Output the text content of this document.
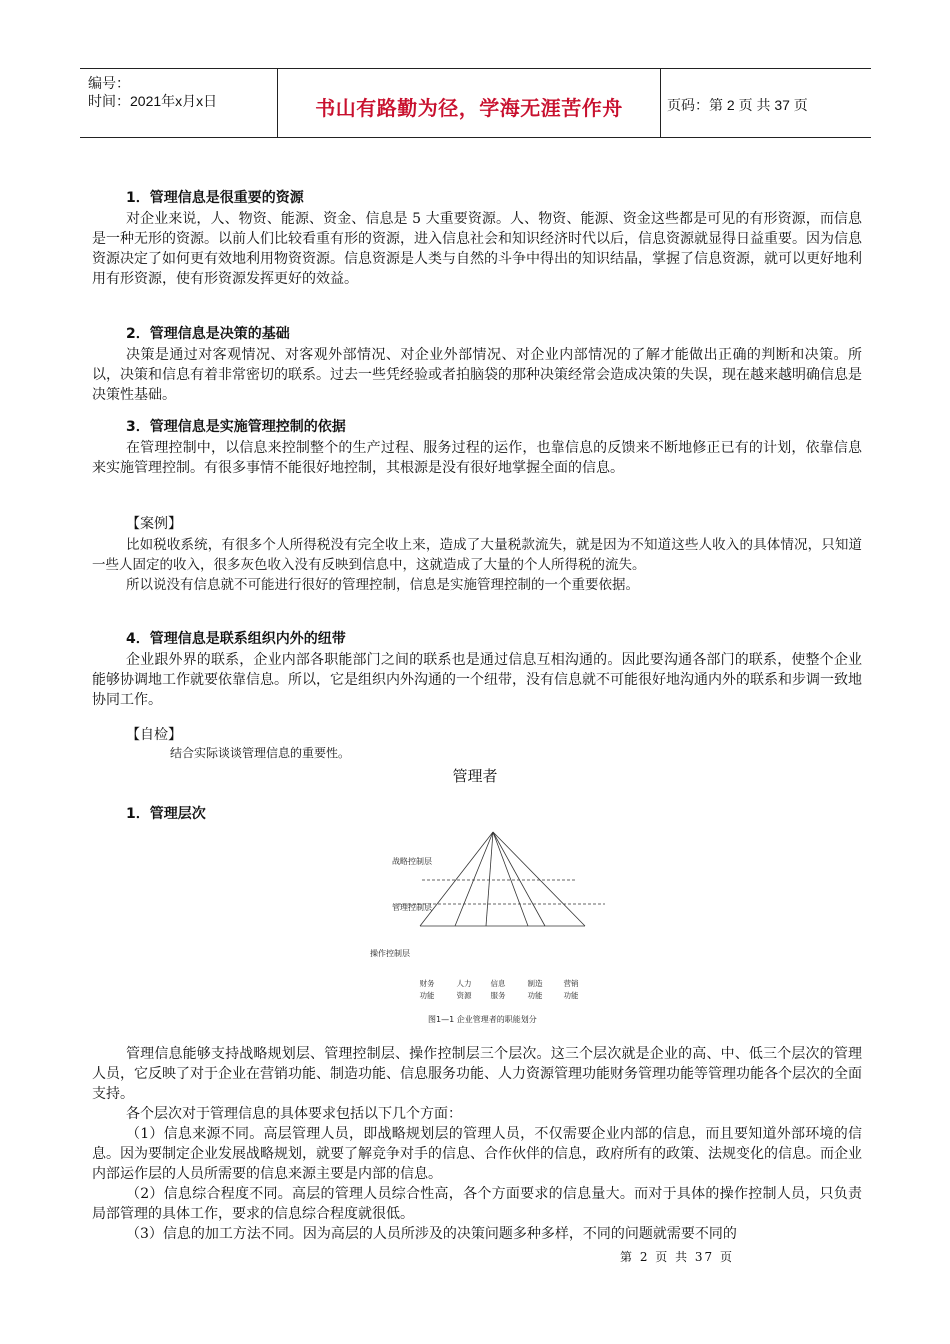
编号：
时间：2021年x月x日	书山有路勤为径，学海无涯苦作舟	页码：第 2 页 共 37 页
1．管理信息是很重要的资源

对企业来说，人、物资、能源、资金、信息是 5 大重要资源。人、物资、能源、资金这些都是可见的有形资源，而信息是一种无形的资源。以前人们比较看重有形的资源，进入信息社会和知识经济时代以后，信息资源就显得日益重要。因为信息资源决定了如何更有效地利用物资资源。信息资源是人类与自然的斗争中得出的知识结晶，掌握了信息资源，就可以更好地利用有形资源，使有形资源发挥更好的效益。

2．管理信息是决策的基础

决策是通过对客观情况、对客观外部情况、对企业外部情况、对企业内部情况的了解才能做出正确的判断和决策。所以，决策和信息有着非常密切的联系。过去一些凭经验或者拍脑袋的那种决策经常会造成决策的失误，现在越来越明确信息是决策性基础。

3．管理信息是实施管理控制的依据

在管理控制中，以信息来控制整个的生产过程、服务过程的运作，也靠信息的反馈来不断地修正已有的计划，依靠信息来实施管理控制。有很多事情不能很好地控制，其根源是没有很好地掌握全面的信息。

【案例】

比如税收系统，有很多个人所得税没有完全收上来，造成了大量税款流失，就是因为不知道这些人收入的具体情况，只知道一些人固定的收入，很多灰色收入没有反映到信息中，这就造成了大量的个人所得税的流失。

所以说没有信息就不可能进行很好的管理控制，信息是实施管理控制的一个重要依据。

4．管理信息是联系组织内外的纽带

企业跟外界的联系，企业内部各职能部门之间的联系也是通过信息互相沟通的。因此要沟通各部门的联系，使整个企业能够协调地工作就要依靠信息。所以，它是组织内外沟通的一个纽带，没有信息就不可能很好地沟通内外的联系和步调一致地协同工作。

【自检】
结合实际谈谈管理信息的重要性。
管理者
1．管理层次
战略控制层
管理控制层
操作控制层
财务
功能
人力
资源
信息
服务
制造
功能
营销
功能
图1—1 企业管理者的职能划分

管理信息能够支持战略规划层、管理控制层、操作控制层三个层次。这三个层次就是企业的高、中、低三个层次的管理人员，它反映了对于企业在营销功能、制造功能、信息服务功能、人力资源管理功能财务管理功能等管理功能各个层次的全面支持。

各个层次对于管理信息的具体要求包括以下几个方面：

（1）信息来源不同。高层管理人员，即战略规划层的管理人员，不仅需要企业内部的信息，而且要知道外部环境的信息。因为要制定企业发展战略规划，就要了解竞争对手的信息、合作伙伴的信息，政府所有的政策、法规变化的信息。而企业内部运作层的人员所需要的信息来源主要是内部的信息。

（2）信息综合程度不同。高层的管理人员综合性高，各个方面要求的信息量大。而对于具体的操作控制人员，只负责局部管理的具体工作，要求的信息综合程度就很低。

（3）信息的加工方法不同。因为高层的人员所涉及的决策问题多种多样，不同的问题就需要不同的

第 2 页 共 37 页
